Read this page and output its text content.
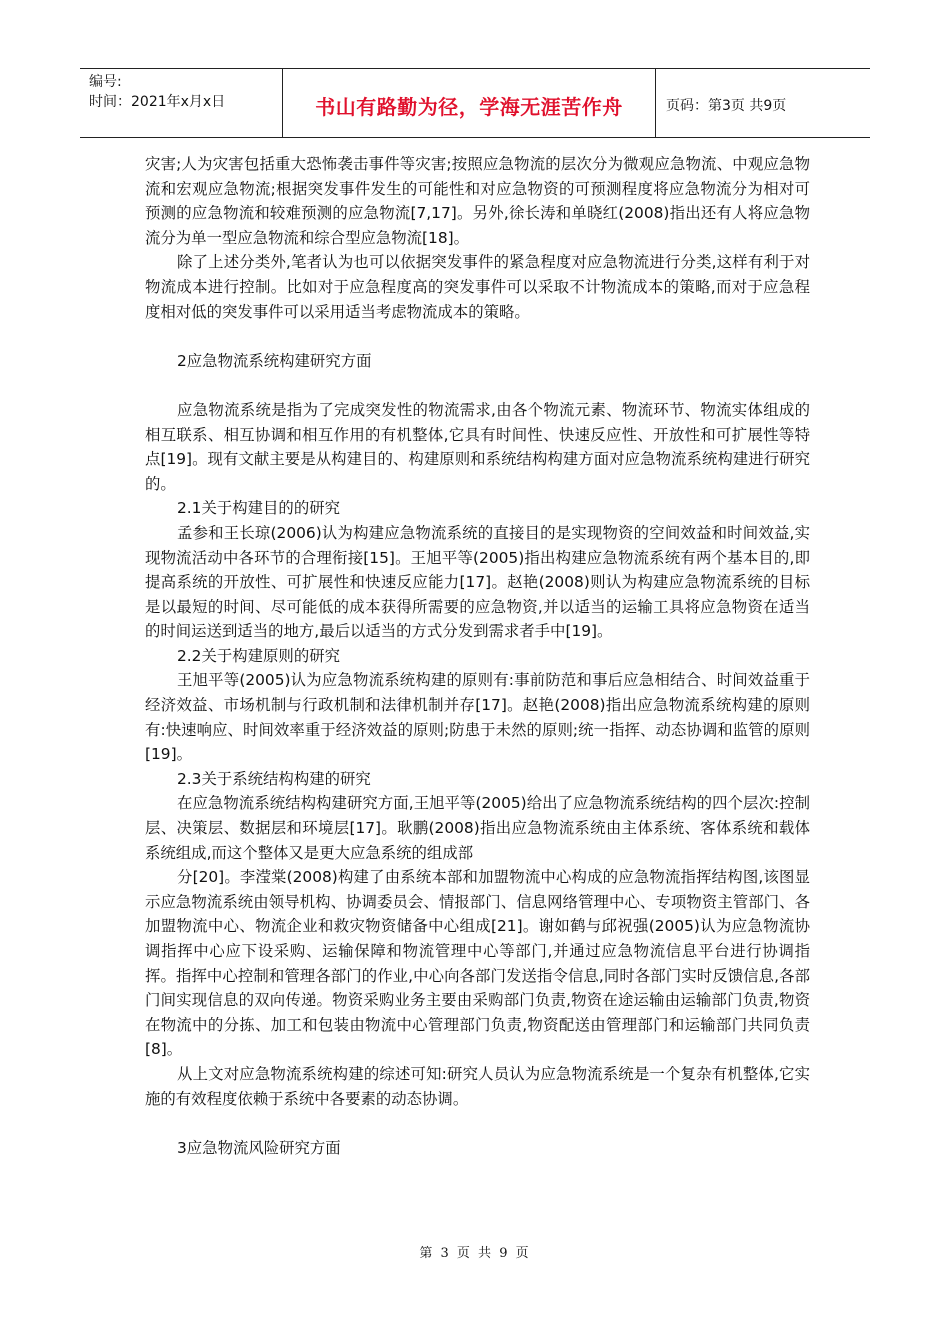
编号:
时间：2021年x月x日	书山有路勤为径，学海无涯苦作舟	页码：第3页 共9页

灾害;人为灾害包括重大恐怖袭击事件等灾害;按照应急物流的层次分为微观应急物流、中观应急物流和宏观应急物流;根据突发事件发生的可能性和对应急物资的可预测程度将应急物流分为相对可预测的应急物流和较难预测的应急物流[7,17]。另外,徐长涛和单晓红(2008)指出还有人将应急物流分为单一型应急物流和综合型应急物流[18]。

除了上述分类外,笔者认为也可以依据突发事件的紧急程度对应急物流进行分类,这样有利于对物流成本进行控制。比如对于应急程度高的突发事件可以采取不计物流成本的策略,而对于应急程度相对低的突发事件可以采用适当考虑物流成本的策略。

2应急物流系统构建研究方面

应急物流系统是指为了完成突发性的物流需求,由各个物流元素、物流环节、物流实体组成的相互联系、相互协调和相互作用的有机整体,它具有时间性、快速反应性、开放性和可扩展性等特点[19]。现有文献主要是从构建目的、构建原则和系统结构构建方面对应急物流系统构建进行研究的。

2.1关于构建目的的研究

孟参和王长琼(2006)认为构建应急物流系统的直接目的是实现物资的空间效益和时间效益,实现物流活动中各环节的合理衔接[15]。王旭平等(2005)指出构建应急物流系统有两个基本目的,即提高系统的开放性、可扩展性和快速反应能力[17]。赵艳(2008)则认为构建应急物流系统的目标是以最短的时间、尽可能低的成本获得所需要的应急物资,并以适当的运输工具将应急物资在适当的时间运送到适当的地方,最后以适当的方式分发到需求者手中[19]。

2.2关于构建原则的研究

王旭平等(2005)认为应急物流系统构建的原则有:事前防范和事后应急相结合、时间效益重于经济效益、市场机制与行政机制和法律机制并存[17]。赵艳(2008)指出应急物流系统构建的原则有:快速响应、时间效率重于经济效益的原则;防患于未然的原则;统一指挥、动态协调和监管的原则[19]。

2.3关于系统结构构建的研究

在应急物流系统结构构建研究方面,王旭平等(2005)给出了应急物流系统结构的四个层次:控制层、决策层、数据层和环境层[17]。耿鹏(2008)指出应急物流系统由主体系统、客体系统和载体系统组成,而这个整体又是更大应急系统的组成部

分[20]。李滢棠(2008)构建了由系统本部和加盟物流中心构成的应急物流指挥结构图,该图显示应急物流系统由领导机构、协调委员会、情报部门、信息网络管理中心、专项物资主管部门、各加盟物流中心、物流企业和救灾物资储备中心组成[21]。谢如鹤与邱祝强(2005)认为应急物流协调指挥中心应下设采购、运输保障和物流管理中心等部门,并通过应急物流信息平台进行协调指挥。指挥中心控制和管理各部门的作业,中心向各部门发送指令信息,同时各部门实时反馈信息,各部门间实现信息的双向传递。物资采购业务主要由采购部门负责,物资在途运输由运输部门负责,物资在物流中的分拣、加工和包装由物流中心管理部门负责,物资配送由管理部门和运输部门共同负责[8]。

从上文对应急物流系统构建的综述可知:研究人员认为应急物流系统是一个复杂有机整体,它实施的有效程度依赖于系统中各要素的动态协调。

3应急物流风险研究方面

第 3 页 共 9 页
